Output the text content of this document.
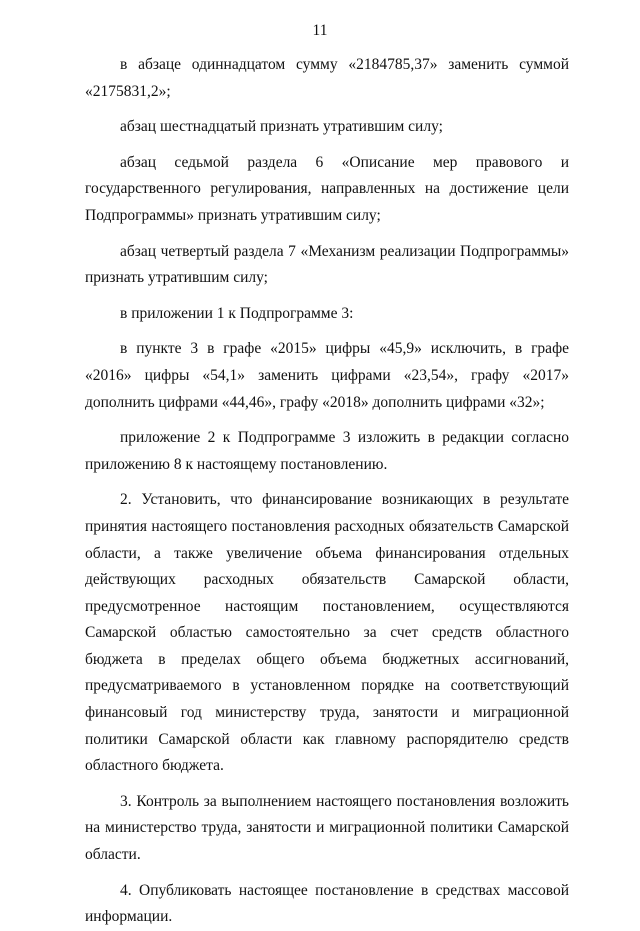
11

в абзаце одиннадцатом сумму «2184785,37» заменить суммой «2175831,2»;

абзац шестнадцатый признать утратившим силу;

абзац седьмой раздела 6 «Описание мер правового и государственного регулирования, направленных на достижение цели Подпрограммы» признать утратившим силу;

абзац четвертый раздела 7 «Механизм реализации Подпрограммы» признать утратившим силу;

в приложении 1 к Подпрограмме 3:

в пункте 3 в графе «2015» цифры «45,9» исключить, в графе «2016» цифры «54,1» заменить цифрами «23,54», графу «2017» дополнить цифрами «44,46», графу «2018» дополнить цифрами «32»;

приложение 2 к Подпрограмме 3 изложить в редакции согласно приложению 8 к настоящему постановлению.

2. Установить, что финансирование возникающих в результате принятия настоящего постановления расходных обязательств Самарской области, а также увеличение объема финансирования отдельных действующих расходных обязательств Самарской области, предусмотренное настоящим постановлением, осуществляются Самарской областью самостоятельно за счет средств областного бюджета в пределах общего объема бюджетных ассигнований, предусматриваемого в установленном порядке на соответствующий финансовый год министерству труда, занятости и миграционной политики Самарской области как главному распорядителю средств областного бюджета.

3. Контроль за выполнением настоящего постановления возложить на министерство труда, занятости и миграционной политики Самарской области.

4. Опубликовать настоящее постановление в средствах массовой информации.
